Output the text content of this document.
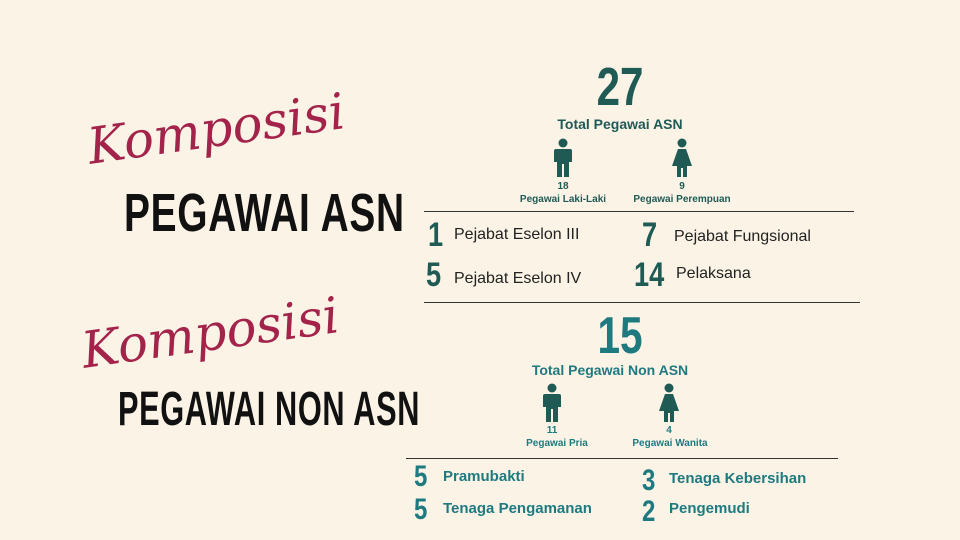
Komposisi
PEGAWAI ASN
27
Total Pegawai ASN
18
Pegawai Laki-Laki
9
Pegawai Perempuan
1 Pejabat Eselon III 7 Pejabat Fungsional
5 Pejabat Eselon IV 14 Pelaksana
Komposisi
PEGAWAI NON ASN
15
Total Pegawai Non ASN
11
Pegawai Pria
4
Pegawai Wanita
5 Pramubakti	3 Tenaga Kebersihan
5 Tenaga Pengamanan 2 Pengemudi
